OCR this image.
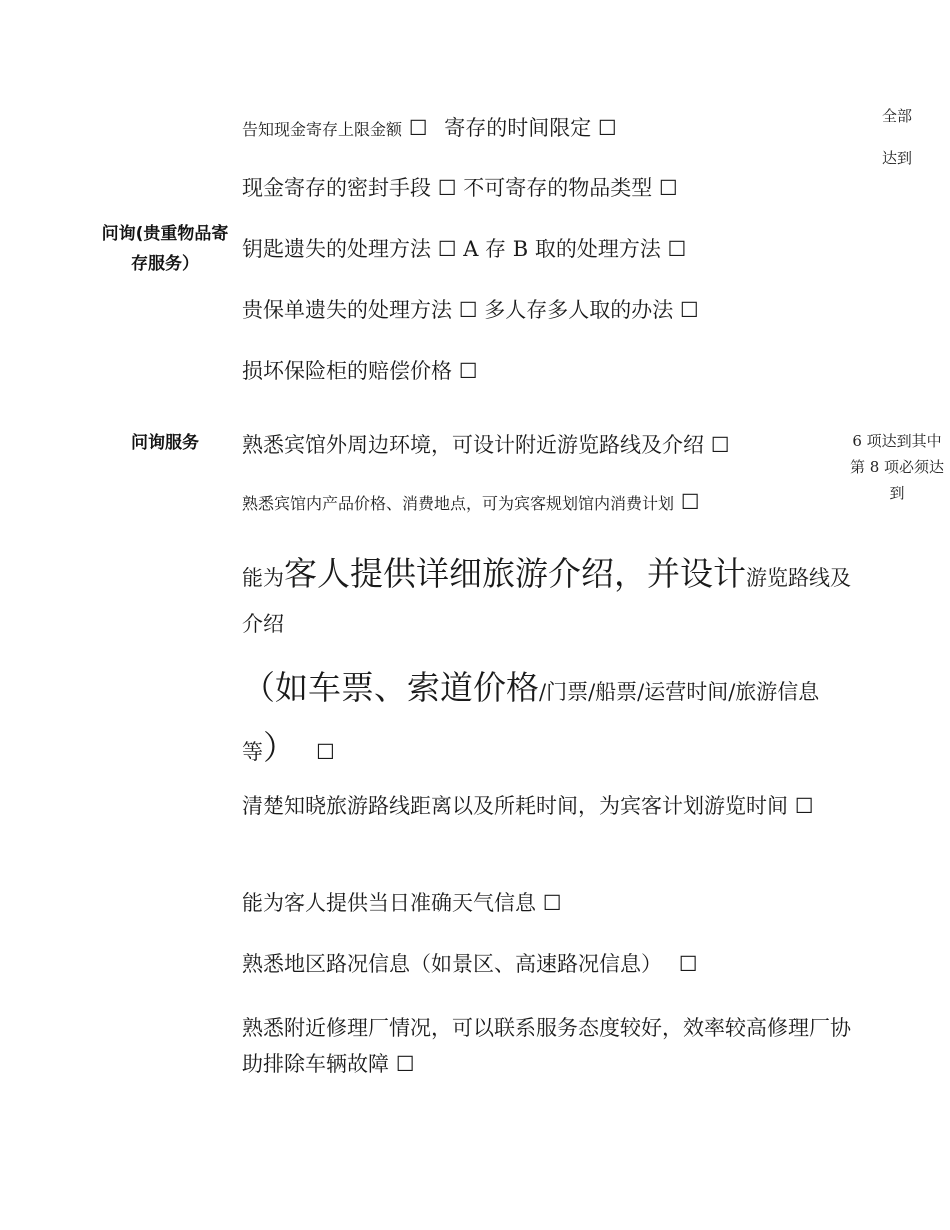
问询(贵重物品寄
存服务）
全部
达到
告知现金寄存上限金额 ☐ 寄存的时间限定 ☐
现金寄存的密封手段 ☐ 不可寄存的物品类型 ☐
钥匙遗失的处理方法 ☐ A 存 B 取的处理方法 ☐
贵保单遗失的处理方法 ☐ 多人存多人取的办法 ☐
损坏保险柜的赔偿价格 ☐
问询服务	6 项达到其中
第 8 项必须达
到
熟悉宾馆外周边环境，可设计附近游览路线及介绍 ☐
熟悉宾馆内产品价格、消费地点，可为宾客规划馆内消费计划 ☐
能为客人提供详细旅游介绍，并设计游览路线及介绍
（如车票、索道价格/门票/船票/运营时间/旅游信息等） ☐
清楚知晓旅游路线距离以及所耗时间，为宾客计划游览时间 ☐
能为客人提供当日准确天气信息 ☐
熟悉地区路况信息（如景区、高速路况信息） ☐
熟悉附近修理厂情况，可以联系服务态度较好，效率较高修理厂协助排除车辆故障 ☐
